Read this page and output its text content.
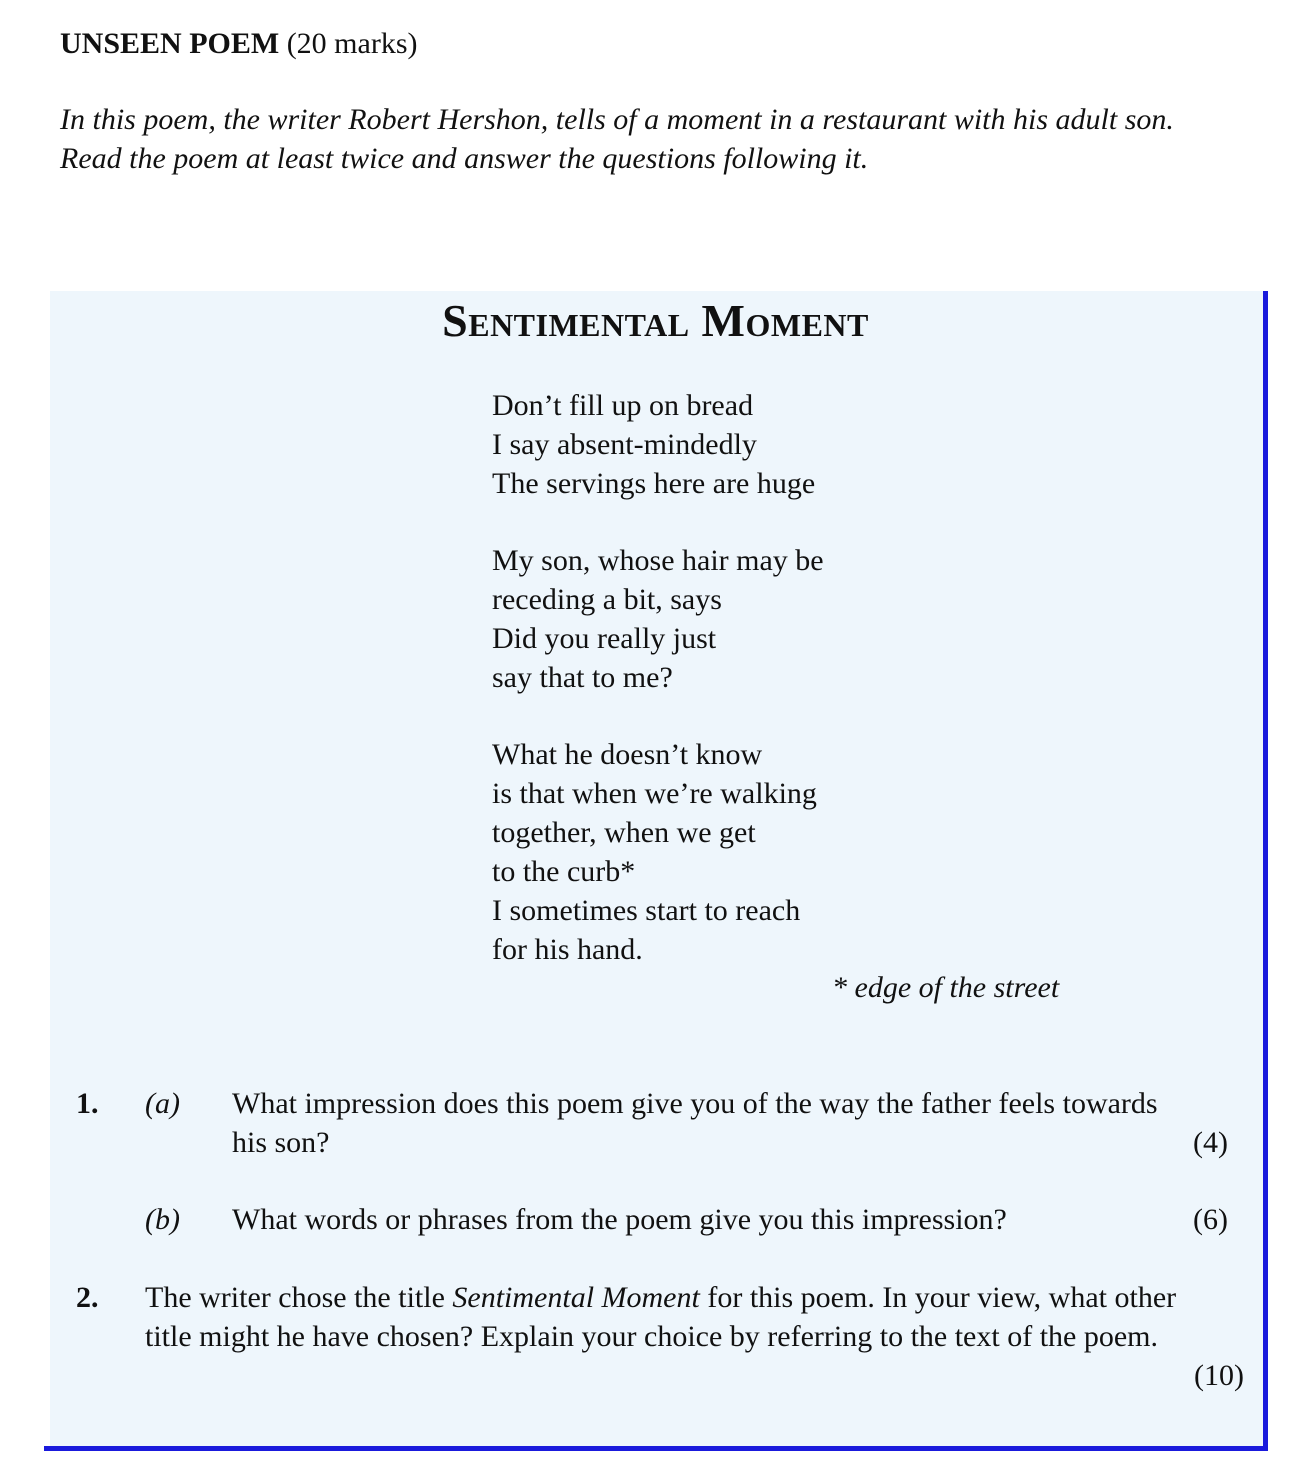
UNSEEN POEM (20 marks)

In this poem, the writer Robert Hershon, tells of a moment in a restaurant with his adult son.

Read the poem at least twice and answer the questions following it.

Sentimental Moment
Don’t fill up on bread
I say absent-mindedly
The servings here are huge
My son, whose hair may be
receding a bit, says
Did you really just
say that to me?
What he doesn’t know
is that when we’re walking
together, when we get
to the curb*
I sometimes start to reach
for his hand.
* edge of the street
1. (a) What impression does this poem give you of the way the father feels towards his son?	(4)
(b) What words or phrases from the poem give you this impression?	(6)
2. The writer chose the title Sentimental Moment for this poem. In your view, what other title might he have chosen? Explain your choice by referring to the text of the poem.
(10)
